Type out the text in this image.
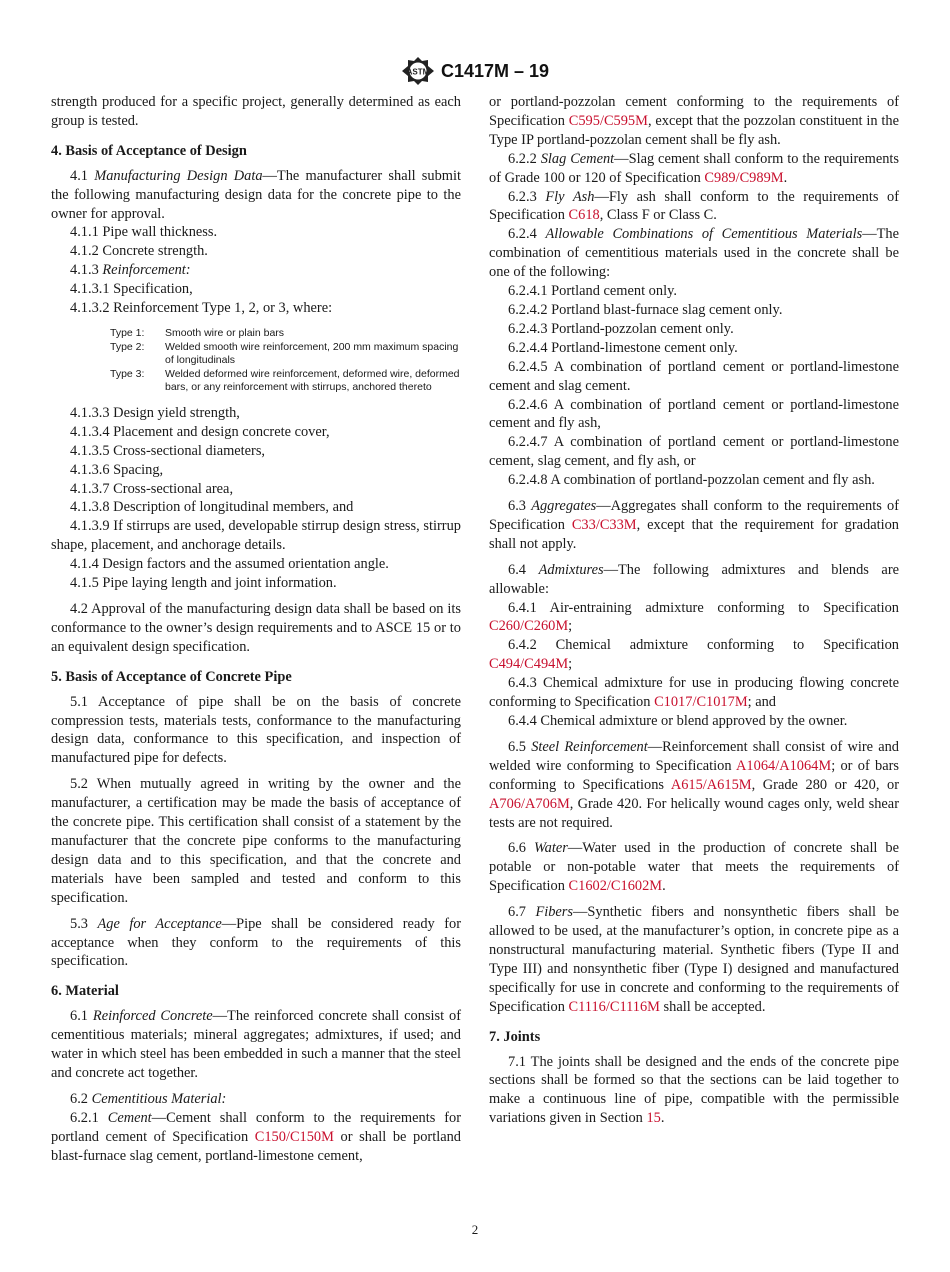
ASTM C1417M – 19

strength produced for a specific project, generally determined as each group is tested.

4. Basis of Acceptance of Design

4.1 Manufacturing Design Data—The manufacturer shall submit the following manufacturing design data for the concrete pipe to the owner for approval.

4.1.1 Pipe wall thickness.

4.1.2 Concrete strength.

4.1.3 Reinforcement:

4.1.3.1 Specification,

4.1.3.2 Reinforcement Type 1, 2, or 3, where:

Type 1:	Smooth wire or plain bars
Type 2:	Welded smooth wire reinforcement, 200 mm maximum spacing of longitudinals
Type 3:	Welded deformed wire reinforcement, deformed wire, deformed bars, or any reinforcement with stirrups, anchored thereto

4.1.3.3 Design yield strength,

4.1.3.4 Placement and design concrete cover,

4.1.3.5 Cross-sectional diameters,

4.1.3.6 Spacing,

4.1.3.7 Cross-sectional area,

4.1.3.8 Description of longitudinal members, and

4.1.3.9 If stirrups are used, developable stirrup design stress, stirrup shape, placement, and anchorage details.

4.1.4 Design factors and the assumed orientation angle.

4.1.5 Pipe laying length and joint information.

4.2 Approval of the manufacturing design data shall be based on its conformance to the owner’s design requirements and to ASCE 15 or to an equivalent design specification.

5. Basis of Acceptance of Concrete Pipe

5.1 Acceptance of pipe shall be on the basis of concrete compression tests, materials tests, conformance to the manufacturing design data, conformance to this specification, and inspection of manufactured pipe for defects.

5.2 When mutually agreed in writing by the owner and the manufacturer, a certification may be made the basis of acceptance of the concrete pipe. This certification shall consist of a statement by the manufacturer that the concrete pipe conforms to the manufacturing design data and to this specification, and that the concrete and materials have been sampled and tested and conform to this specification.

5.3 Age for Acceptance—Pipe shall be considered ready for acceptance when they conform to the requirements of this specification.

6. Material

6.1 Reinforced Concrete—The reinforced concrete shall consist of cementitious materials; mineral aggregates; admixtures, if used; and water in which steel has been embedded in such a manner that the steel and concrete act together.

6.2 Cementitious Material:

6.2.1 Cement—Cement shall conform to the requirements for portland cement of Specification C150/C150M or shall be portland blast-furnace slag cement, portland-limestone cement,

or portland-pozzolan cement conforming to the requirements of Specification C595/C595M, except that the pozzolan constituent in the Type IP portland-pozzolan cement shall be fly ash.

6.2.2 Slag Cement—Slag cement shall conform to the requirements of Grade 100 or 120 of Specification C989/C989M.

6.2.3 Fly Ash—Fly ash shall conform to the requirements of Specification C618, Class F or Class C.

6.2.4 Allowable Combinations of Cementitious Materials—The combination of cementitious materials used in the concrete shall be one of the following:

6.2.4.1 Portland cement only.

6.2.4.2 Portland blast-furnace slag cement only.

6.2.4.3 Portland-pozzolan cement only.

6.2.4.4 Portland-limestone cement only.

6.2.4.5 A combination of portland cement or portland-limestone cement and slag cement.

6.2.4.6 A combination of portland cement or portland-limestone cement and fly ash,

6.2.4.7 A combination of portland cement or portland-limestone cement, slag cement, and fly ash, or

6.2.4.8 A combination of portland-pozzolan cement and fly ash.

6.3 Aggregates—Aggregates shall conform to the requirements of Specification C33/C33M, except that the requirement for gradation shall not apply.

6.4 Admixtures—The following admixtures and blends are allowable:

6.4.1 Air-entraining admixture conforming to Specification C260/C260M;

6.4.2 Chemical admixture conforming to Specification C494/C494M;

6.4.3 Chemical admixture for use in producing flowing concrete conforming to Specification C1017/C1017M; and

6.4.4 Chemical admixture or blend approved by the owner.

6.5 Steel Reinforcement—Reinforcement shall consist of wire and welded wire conforming to Specification A1064/A1064M; or of bars conforming to Specifications A615/A615M, Grade 280 or 420, or A706/A706M, Grade 420. For helically wound cages only, weld shear tests are not required.

6.6 Water—Water used in the production of concrete shall be potable or non-potable water that meets the requirements of Specification C1602/C1602M.

6.7 Fibers—Synthetic fibers and nonsynthetic fibers shall be allowed to be used, at the manufacturer’s option, in concrete pipe as a nonstructural manufacturing material. Synthetic fibers (Type II and Type III) and nonsynthetic fiber (Type I) designed and manufactured specifically for use in concrete and conforming to the requirements of Specification C1116/C1116M shall be accepted.

7. Joints

7.1 The joints shall be designed and the ends of the concrete pipe sections shall be formed so that the sections can be laid together to make a continuous line of pipe, compatible with the permissible variations given in Section 15.

2
